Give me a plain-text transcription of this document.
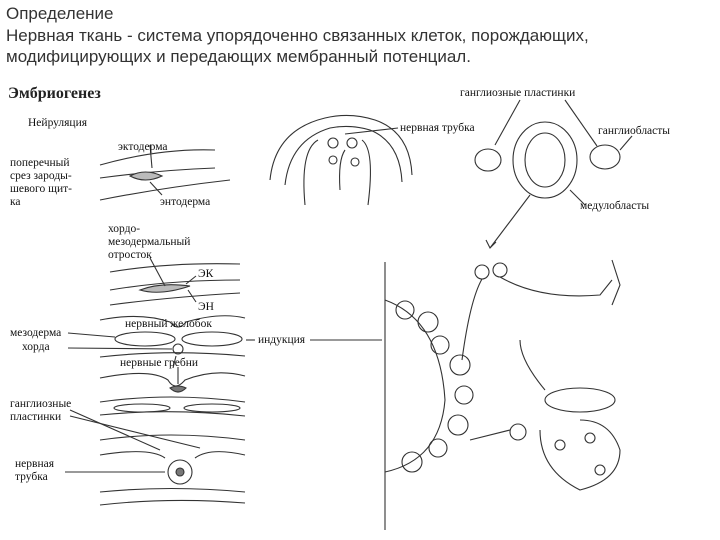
Определение
Нервная ткань - система упорядоченно связанных клеток, порождающих,
модифицирующих и передающих мембранный потенциал.
Эмбриогенез
Нейруляция
эктодерма
поперечный
срез зароды-
шевого щит-
ка	энтодерма
хордо-
мезодермальный
отросток
ЭК
ЭН
нервный желобок
мезодерма
хорда
нервные гребни
индукция
ганглиозные
пластинки
нервная
трубка
ганглиозные пластинки
нервная трубка	ганглиобласты
медулобласты
